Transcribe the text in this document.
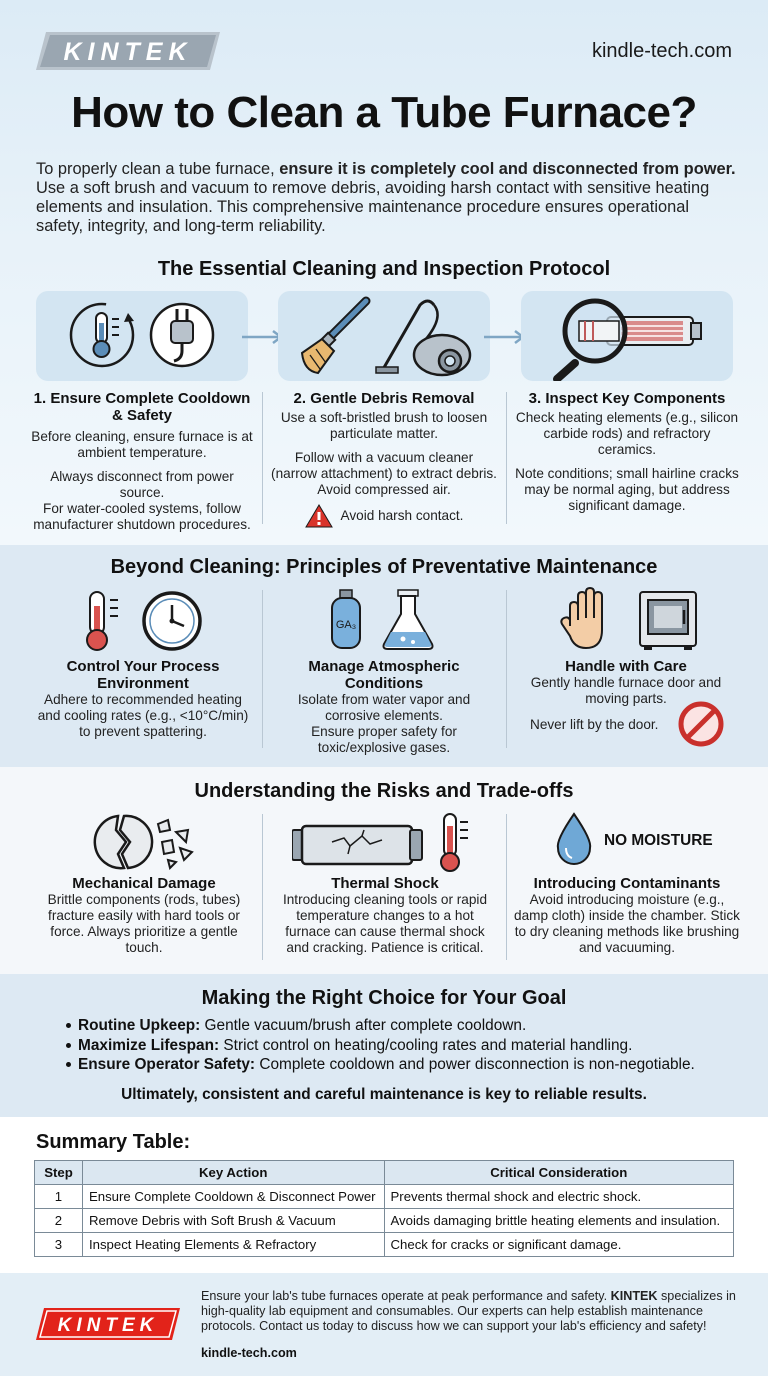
KINTEK	kindle-tech.com
How to Clean a Tube Furnace?

To properly clean a tube furnace, ensure it is completely cool and disconnected from power. Use a soft brush and vacuum to remove debris, avoiding harsh contact with sensitive heating elements and insulation. This comprehensive maintenance procedure ensures operational safety, integrity, and long-term reliability.

The Essential Cleaning and Inspection Protocol
1. Ensure Complete Cooldown & Safety
Before cleaning, ensure furnace is at ambient temperature.
Always disconnect from power source.
For water-cooled systems, follow manufacturer shutdown procedures.
2. Gentle Debris Removal
Use a soft-bristled brush to loosen particulate matter.
Follow with a vacuum cleaner (narrow attachment) to extract debris. Avoid compressed air.
Avoid harsh contact.
3. Inspect Key Components
Check heating elements (e.g., silicon carbide rods) and refractory ceramics.
Note conditions; small hairline cracks may be normal aging, but address significant damage.
Beyond Cleaning: Principles of Preventative Maintenance
GA₃
Control Your Process Environment
Adhere to recommended heating and cooling rates (e.g., <10°C/min) to prevent spattering.
Manage Atmospheric Conditions
Isolate from water vapor and corrosive elements.
Ensure proper safety for toxic/explosive gases.
Handle with Care
Gently handle furnace door and moving parts.
Never lift by the door.
Understanding the Risks and Trade-offs
NO MOISTURE
Mechanical Damage
Brittle components (rods, tubes) fracture easily with hard tools or force. Always prioritize a gentle touch.
Thermal Shock
Introducing cleaning tools or rapid temperature changes to a hot furnace can cause thermal shock and cracking. Patience is critical.
Introducing Contaminants
Avoid introducing moisture (e.g., damp cloth) inside the chamber. Stick to dry cleaning methods like brushing and vacuuming.
Making the Right Choice for Your Goal
Routine Upkeep: Gentle vacuum/brush after complete cooldown.
Maximize Lifespan: Strict control on heating/cooling rates and material handling.
Ensure Operator Safety: Complete cooldown and power disconnection is non-negotiable.
Ultimately, consistent and careful maintenance is key to reliable results.
Summary Table:
Step	Key Action	Critical Consideration
1	Ensure Complete Cooldown & Disconnect Power	Prevents thermal shock and electric shock.
2	Remove Debris with Soft Brush & Vacuum	Avoids damaging brittle heating elements and insulation.
3	Inspect Heating Elements & Refractory	Check for cracks or significant damage.
KINTEK

Ensure your lab's tube furnaces operate at peak performance and safety. KINTEK specializes in high-quality lab equipment and consumables. Our experts can help establish maintenance protocols. Contact us today to discuss how we can support your lab's efficiency and safety!

kindle-tech.com
